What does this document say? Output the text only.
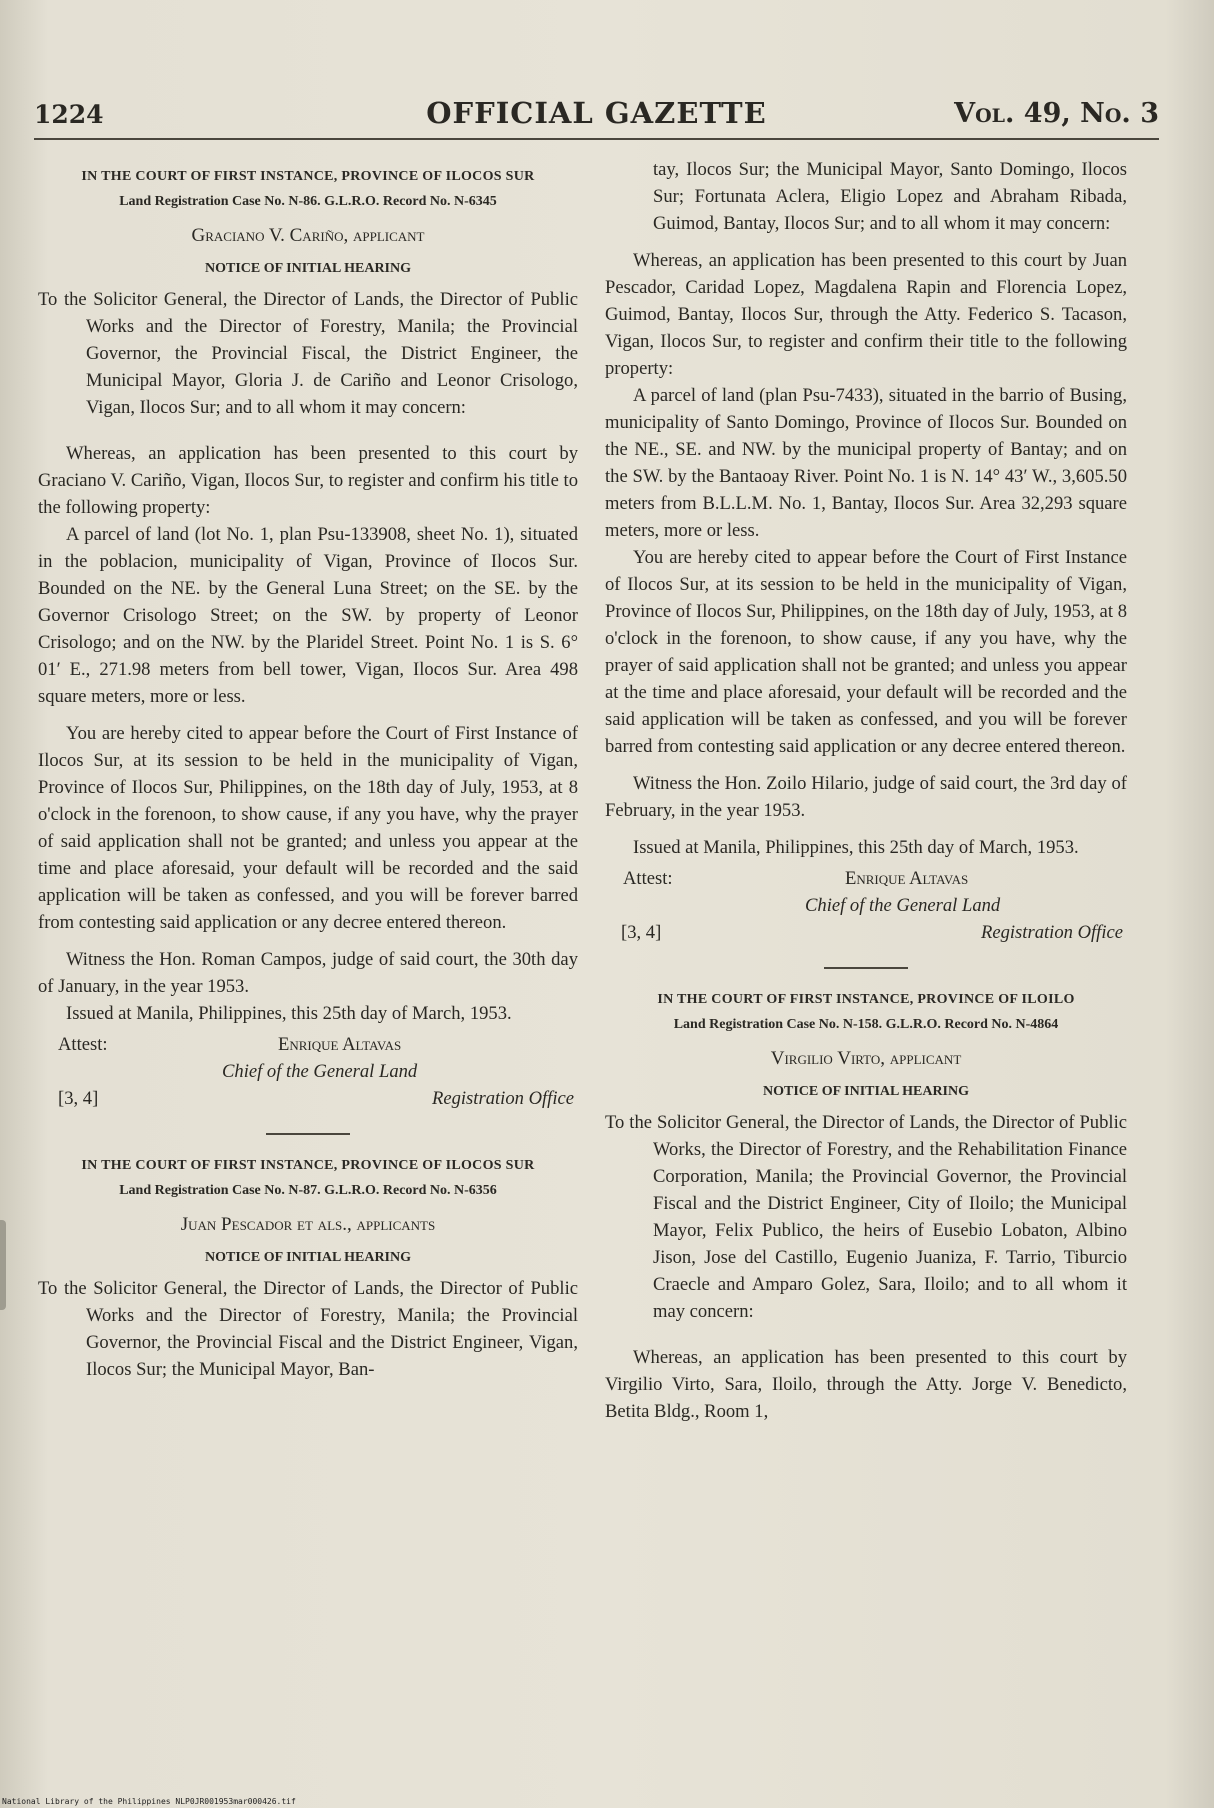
1224	OFFICIAL GAZETTE	Vol. 49, No. 3
IN THE COURT OF FIRST INSTANCE, PROVINCE OF ILOCOS SUR
Land Registration Case No. N-86. G.L.R.O. Record No. N-6345
Graciano V. Cariño, applicant
NOTICE OF INITIAL HEARING

To the Solicitor General, the Director of Lands, the Director of Public Works and the Director of Forestry, Manila; the Provincial Governor, the Provincial Fiscal, the District Engineer, the Municipal Mayor, Gloria J. de Cariño and Leonor Crisologo, Vigan, Ilocos Sur; and to all whom it may concern:

Whereas, an application has been presented to this court by Graciano V. Cariño, Vigan, Ilocos Sur, to register and confirm his title to the following property:

A parcel of land (lot No. 1, plan Psu-133908, sheet No. 1), situated in the poblacion, municipality of Vigan, Province of Ilocos Sur. Bounded on the NE. by the General Luna Street; on the SE. by the Governor Crisologo Street; on the SW. by property of Leonor Crisologo; and on the NW. by the Plaridel Street. Point No. 1 is S. 6° 01′ E., 271.98 meters from bell tower, Vigan, Ilocos Sur. Area 498 square meters, more or less.

You are hereby cited to appear before the Court of First Instance of Ilocos Sur, at its session to be held in the municipality of Vigan, Province of Ilocos Sur, Philippines, on the 18th day of July, 1953, at 8 o'clock in the forenoon, to show cause, if any you have, why the prayer of said application shall not be granted; and unless you appear at the time and place aforesaid, your default will be recorded and the said application will be taken as confessed, and you will be forever barred from contesting said application or any decree entered thereon.

Witness the Hon. Roman Campos, judge of said court, the 30th day of January, in the year 1953.

Issued at Manila, Philippines, this 25th day of March, 1953.

Attest:	Enrique Altavas
Chief of the General Land
[3, 4]	Registration Office
IN THE COURT OF FIRST INSTANCE, PROVINCE OF ILOCOS SUR
Land Registration Case No. N-87. G.L.R.O. Record No. N-6356
Juan Pescador et als., applicants
NOTICE OF INITIAL HEARING

To the Solicitor General, the Director of Lands, the Director of Public Works and the Director of Forestry, Manila; the Provincial Governor, the Provincial Fiscal and the District Engineer, Vigan, Ilocos Sur; the Municipal Mayor, Ban-

tay, Ilocos Sur; the Municipal Mayor, Santo Domingo, Ilocos Sur; Fortunata Aclera, Eligio Lopez and Abraham Ribada, Guimod, Bantay, Ilocos Sur; and to all whom it may concern:

Whereas, an application has been presented to this court by Juan Pescador, Caridad Lopez, Magdalena Rapin and Florencia Lopez, Guimod, Bantay, Ilocos Sur, through the Atty. Federico S. Tacason, Vigan, Ilocos Sur, to register and confirm their title to the following property:

A parcel of land (plan Psu-7433), situated in the barrio of Busing, municipality of Santo Domingo, Province of Ilocos Sur. Bounded on the NE., SE. and NW. by the municipal property of Bantay; and on the SW. by the Bantaoay River. Point No. 1 is N. 14° 43′ W., 3,605.50 meters from B.L.L.M. No. 1, Bantay, Ilocos Sur. Area 32,293 square meters, more or less.

You are hereby cited to appear before the Court of First Instance of Ilocos Sur, at its session to be held in the municipality of Vigan, Province of Ilocos Sur, Philippines, on the 18th day of July, 1953, at 8 o'clock in the forenoon, to show cause, if any you have, why the prayer of said application shall not be granted; and unless you appear at the time and place aforesaid, your default will be recorded and the said application will be taken as confessed, and you will be forever barred from contesting said application or any decree entered thereon.

Witness the Hon. Zoilo Hilario, judge of said court, the 3rd day of February, in the year 1953.

Issued at Manila, Philippines, this 25th day of March, 1953.

Attest:	Enrique Altavas
Chief of the General Land
[3, 4]	Registration Office
IN THE COURT OF FIRST INSTANCE, PROVINCE OF ILOILO
Land Registration Case No. N-158. G.L.R.O. Record No. N-4864
Virgilio Virto, applicant
NOTICE OF INITIAL HEARING

To the Solicitor General, the Director of Lands, the Director of Public Works, the Director of Forestry, and the Rehabilitation Finance Corporation, Manila; the Provincial Governor, the Provincial Fiscal and the District Engineer, City of Iloilo; the Municipal Mayor, Felix Publico, the heirs of Eusebio Lobaton, Albino Jison, Jose del Castillo, Eugenio Juaniza, F. Tarrio, Tiburcio Craecle and Amparo Golez, Sara, Iloilo; and to all whom it may concern:

Whereas, an application has been presented to this court by Virgilio Virto, Sara, Iloilo, through the Atty. Jorge V. Benedicto, Betita Bldg., Room 1,

National Library of the Philippines NLP0JR001953mar000426.tif
